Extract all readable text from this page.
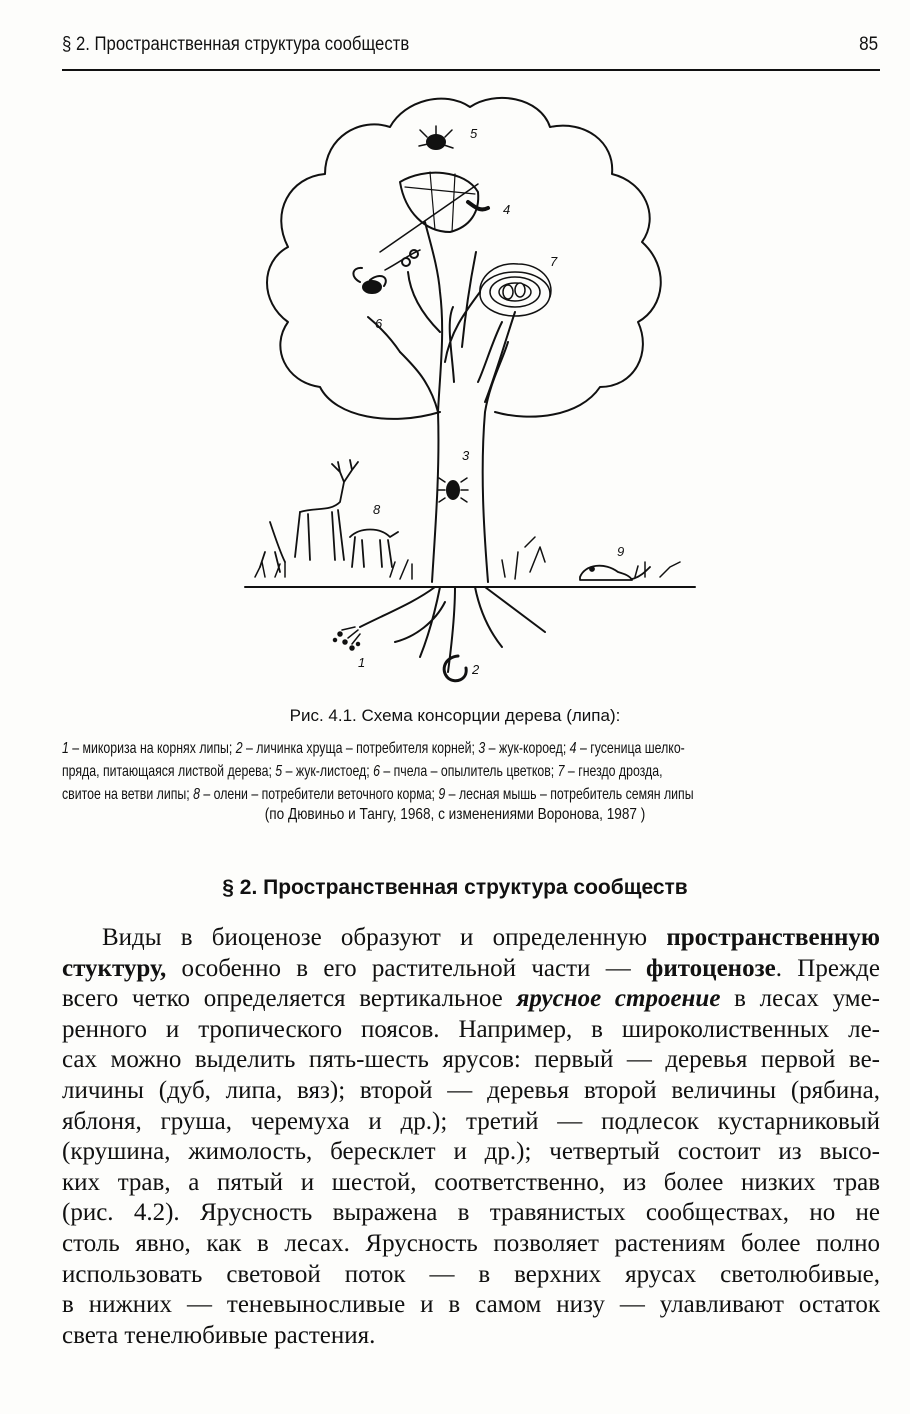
§ 2. Пространственная структура сообществ	85
1	2
3
4
5
6
7
8
9
Рис. 4.1. Схема консорции дерева (липа):
1 – микориза на корнях липы; 2 – личинка хруща – потребителя корней; 3 – жук-короед; 4 – гусеница шелко-
пряда, питающаяся листвой дерева; 5 – жук-листоед; 6 – пчела – опылитель цветков; 7 – гнездо дрозда,
свитое на ветви липы; 8 – олени – потребители веточного корма; 9 – лесная мышь – потребитель семян липы
(по Дювиньо и Тангу, 1968, с изменениями Воронова, 1987 )
§ 2. Пространственная структура сообществ
Виды в биоценозе образуют и определенную пространственную
стуктуру, особенно в его растительной части — фитоценозе. Прежде
всего четко определяется вертикальное ярусное строение в лесах уме-
ренного и тропического поясов. Например, в широколиственных ле-
сах можно выделить пять-шесть ярусов: первый — деревья первой ве-
личины (дуб, липа, вяз); второй — деревья второй величины (рябина,
яблоня, груша, черемуха и др.); третий — подлесок кустарниковый
(крушина, жимолость, бересклет и др.); четвертый состоит из высо-
ких трав, а пятый и шестой, соответственно, из более низких трав
(рис. 4.2). Ярусность выражена в травянистых сообществах, но не
столь явно, как в лесах. Ярусность позволяет растениям более полно
использовать световой поток — в верхних ярусах светолюбивые,
в нижних — теневыносливые и в самом низу — улавливают остаток
света тенелюбивые растения.
